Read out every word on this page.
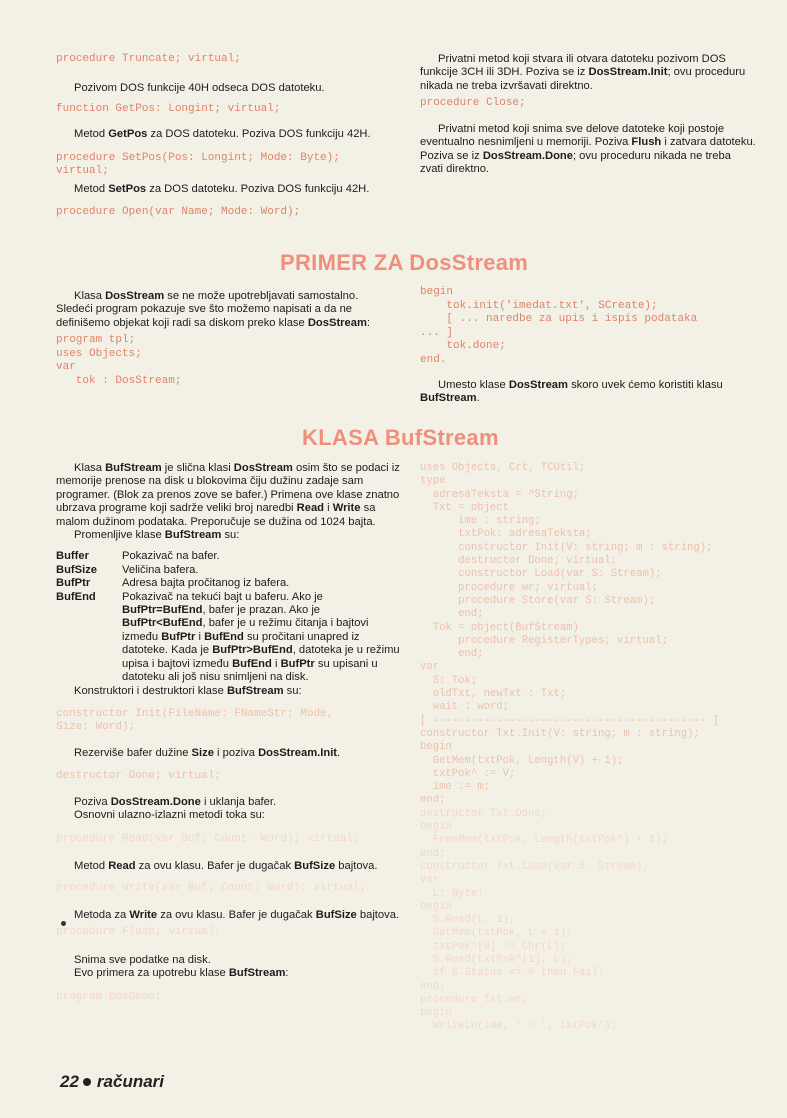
procedure Truncate; virtual;

Pozivom DOS funkcije 40H odseca DOS datoteku.

function GetPos: Longint; virtual;

Metod GetPos za DOS datoteku. Poziva DOS funkciju 42H.

procedure SetPos(Pos: Longint; Mode: Byte);
virtual;

Metod SetPos za DOS datoteku. Poziva DOS funkciju 42H.

procedure Open(var Name; Mode: Word);

Privatni metod koji stvara ili otvara datoteku pozivom DOS funkcije 3CH ili 3DH. Poziva se iz DosStream.Init; ovu proceduru nikada ne treba izvršavati direktno.

procedure Close;

Privatni metod koji snima sve delove datoteke koji postoje eventualno nesnimljeni u memoriji. Poziva Flush i zatvara datoteku. Poziva se iz DosStream.Done; ovu proceduru nikada ne treba zvati direktno.

PRIMER ZA DosStream

Klasa DosStream se ne može upotrebljavati samostalno. Sledeći program pokazuje sve što možemo napisati a da ne definišemo objekat koji radi sa diskom preko klase DosStream:

program tpl;
uses Objects;
var
tok : DosStream;
begin
tok.init('imedat.txt', SCreate);
[ ... naredbe za upis i ispis podataka
... ]
tok.done;
end.

Umesto klase DosStream skoro uvek ćemo koristiti klasu BufStream.

KLASA BufStream

Klasa BufStream je slična klasi DosStream osim što se podaci iz memorije prenose na disk u blokovima čiju dužinu zadaje sam programer. (Blok za prenos zove se bafer.) Primena ove klase znatno ubrzava programe koji sadrže veliki broj naredbi Read i Write sa malom dužinom podataka. Preporučuje se dužina od 1024 bajta.

Promenljive klase BufStream su:

Buffer	Pokazivač na bafer.
BufSize	Veličina bafera.
BufPtr	Adresa bajta pročitanog iz bafera.
BufEnd	Pokazivač na tekući bajt u baferu. Ako je BufPtr=BufEnd, bafer je prazan. Ako je BufPtr<BufEnd, bafer je u režimu čitanja i bajtovi između BufPtr i BufEnd su pročitani unapred iz datoteke. Kada je BufPtr>BufEnd, datoteka je u režimu upisa i bajtovi između BufEnd i BufPtr su upisani u datoteku ali još nisu snimljeni na disk.

Konstruktori i destruktori klase BufStream su:

constructor Init(FileName: FNameStr; Mode,
Size: Word);

Rezerviše bafer dužine Size i poziva DosStream.Init.

destructor Done; virtual;

Poziva DosStream.Done i uklanja bafer.

Osnovni ulazno-izlazni metodi toka su:

procedure Read(var Buf; Count: Word); virtual;

Metod Read za ovu klasu. Bafer je dugačak BufSize bajtova.

procedure Write(var Buf; Count: Word); virtual;

Metoda za Write za ovu klasu. Bafer je dugačak BufSize bajtova.

procedure Flush; virtual;

Snima sve podatke na disk.

Evo primera za upotrebu klase BufStream:

program DosDemo;
uses Objects, Crt, TCUtil;
type
adresaTeksta = ^String;
Txt = object
ime : string;
txtPok: adresaTeksta;
constructor Init(V: string; m : string);
destructor Done; virtual;
constructor Load(var S: Stream);
procedure wr; virtual;
procedure Store(var S: Stream);
end;
Tok = object(BufStream)
procedure RegisterTypes; virtual;
end;
var
S: Tok;
oldTxt, newTxt : Txt;
wait : word;
[ ------------------------------------------- ]
constructor Txt.Init(V: string; m : string);
begin
GetMem(txtPok, Length(V) + 1);
txtPok^ := V;
ime := m;
end;
destructor Txt.Done;
begin
FreeMem(txtPok, Length(txtPok^) + 1);
end;
constructor Txt.Load(var S: Stream);
var
L: Byte;
begin
S.Read(L, 1);
GetMem(txtPok, L + 1);
txtPok^[0] := Chr(L);
S.Read(txtPok^[1], L);
if S.Status <> 0 then Fail;
end;
procedure Txt.wr;
begin
WriteLn(ime, ' = ', txtPok^);
22 računari
